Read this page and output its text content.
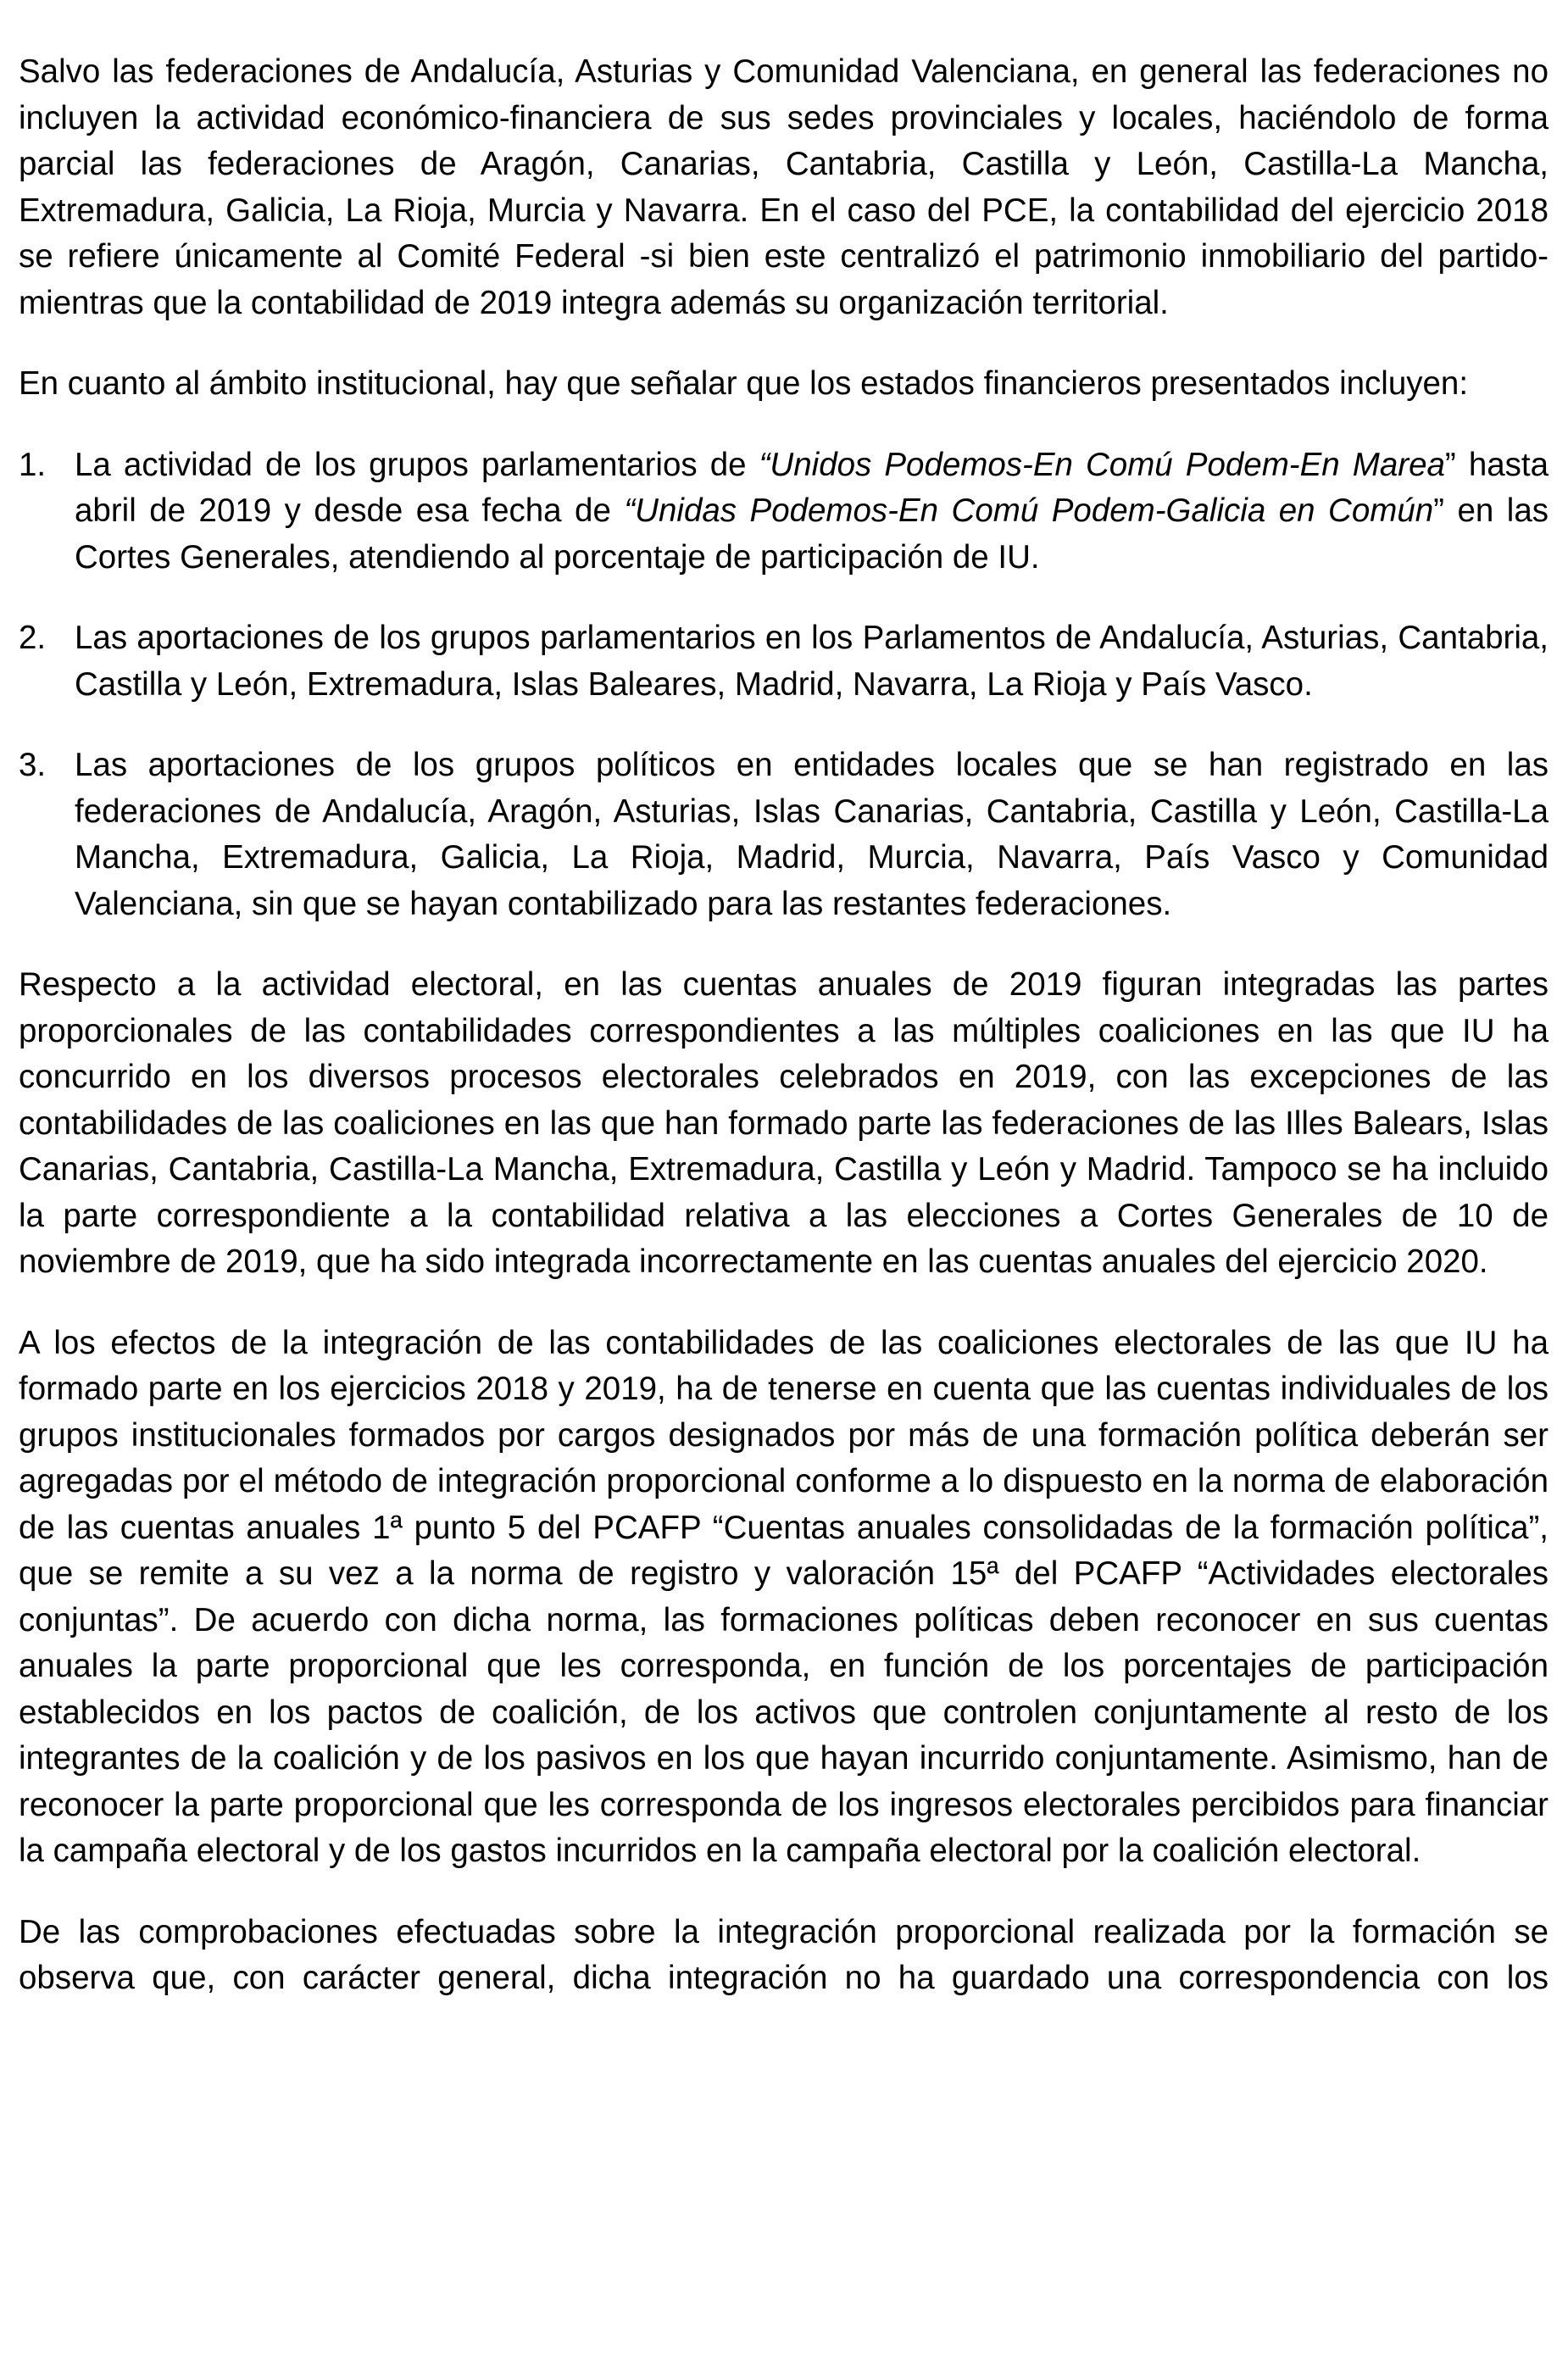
Salvo las federaciones de Andalucía, Asturias y Comunidad Valenciana, en general las federaciones no incluyen la actividad económico-financiera de sus sedes provinciales y locales, haciéndolo de forma parcial las federaciones de Aragón, Canarias, Cantabria, Castilla y León, Castilla-La Mancha, Extremadura, Galicia, La Rioja, Murcia y Navarra. En el caso del PCE, la contabilidad del ejercicio 2018 se refiere únicamente al Comité Federal -si bien este centralizó el patrimonio inmobiliario del partido- mientras que la contabilidad de 2019 integra además su organización territorial.

En cuanto al ámbito institucional, hay que señalar que los estados financieros presentados incluyen:

1. La actividad de los grupos parlamentarios de “Unidos Podemos-En Comú Podem-En Marea” hasta abril de 2019 y desde esa fecha de “Unidas Podemos-En Comú Podem-Galicia en Común” en las Cortes Generales, atendiendo al porcentaje de participación de IU.
2. Las aportaciones de los grupos parlamentarios en los Parlamentos de Andalucía, Asturias, Cantabria, Castilla y León, Extremadura, Islas Baleares, Madrid, Navarra, La Rioja y País Vasco.
3. Las aportaciones de los grupos políticos en entidades locales que se han registrado en las federaciones de Andalucía, Aragón, Asturias, Islas Canarias, Cantabria, Castilla y León, Castilla-La Mancha, Extremadura, Galicia, La Rioja, Madrid, Murcia, Navarra, País Vasco y Comunidad Valenciana, sin que se hayan contabilizado para las restantes federaciones.

Respecto a la actividad electoral, en las cuentas anuales de 2019 figuran integradas las partes proporcionales de las contabilidades correspondientes a las múltiples coaliciones en las que IU ha concurrido en los diversos procesos electorales celebrados en 2019, con las excepciones de las contabilidades de las coaliciones en las que han formado parte las federaciones de las Illes Balears, Islas Canarias, Cantabria, Castilla-La Mancha, Extremadura, Castilla y León y Madrid. Tampoco se ha incluido la parte correspondiente a la contabilidad relativa a las elecciones a Cortes Generales de 10 de noviembre de 2019, que ha sido integrada incorrectamente en las cuentas anuales del ejercicio 2020.

A los efectos de la integración de las contabilidades de las coaliciones electorales de las que IU ha formado parte en los ejercicios 2018 y 2019, ha de tenerse en cuenta que las cuentas individuales de los grupos institucionales formados por cargos designados por más de una formación política deberán ser agregadas por el método de integración proporcional conforme a lo dispuesto en la norma de elaboración de las cuentas anuales 1ª punto 5 del PCAFP “Cuentas anuales consolidadas de la formación política”, que se remite a su vez a la norma de registro y valoración 15ª del PCAFP “Actividades electorales conjuntas”. De acuerdo con dicha norma, las formaciones políticas deben reconocer en sus cuentas anuales la parte proporcional que les corresponda, en función de los porcentajes de participación establecidos en los pactos de coalición, de los activos que controlen conjuntamente al resto de los integrantes de la coalición y de los pasivos en los que hayan incurrido conjuntamente. Asimismo, han de reconocer la parte proporcional que les corresponda de los ingresos electorales percibidos para financiar la campaña electoral y de los gastos incurridos en la campaña electoral por la coalición electoral.

De las comprobaciones efectuadas sobre la integración proporcional realizada por la formación se observa que, con carácter general, dicha integración no ha guardado una correspondencia con los
